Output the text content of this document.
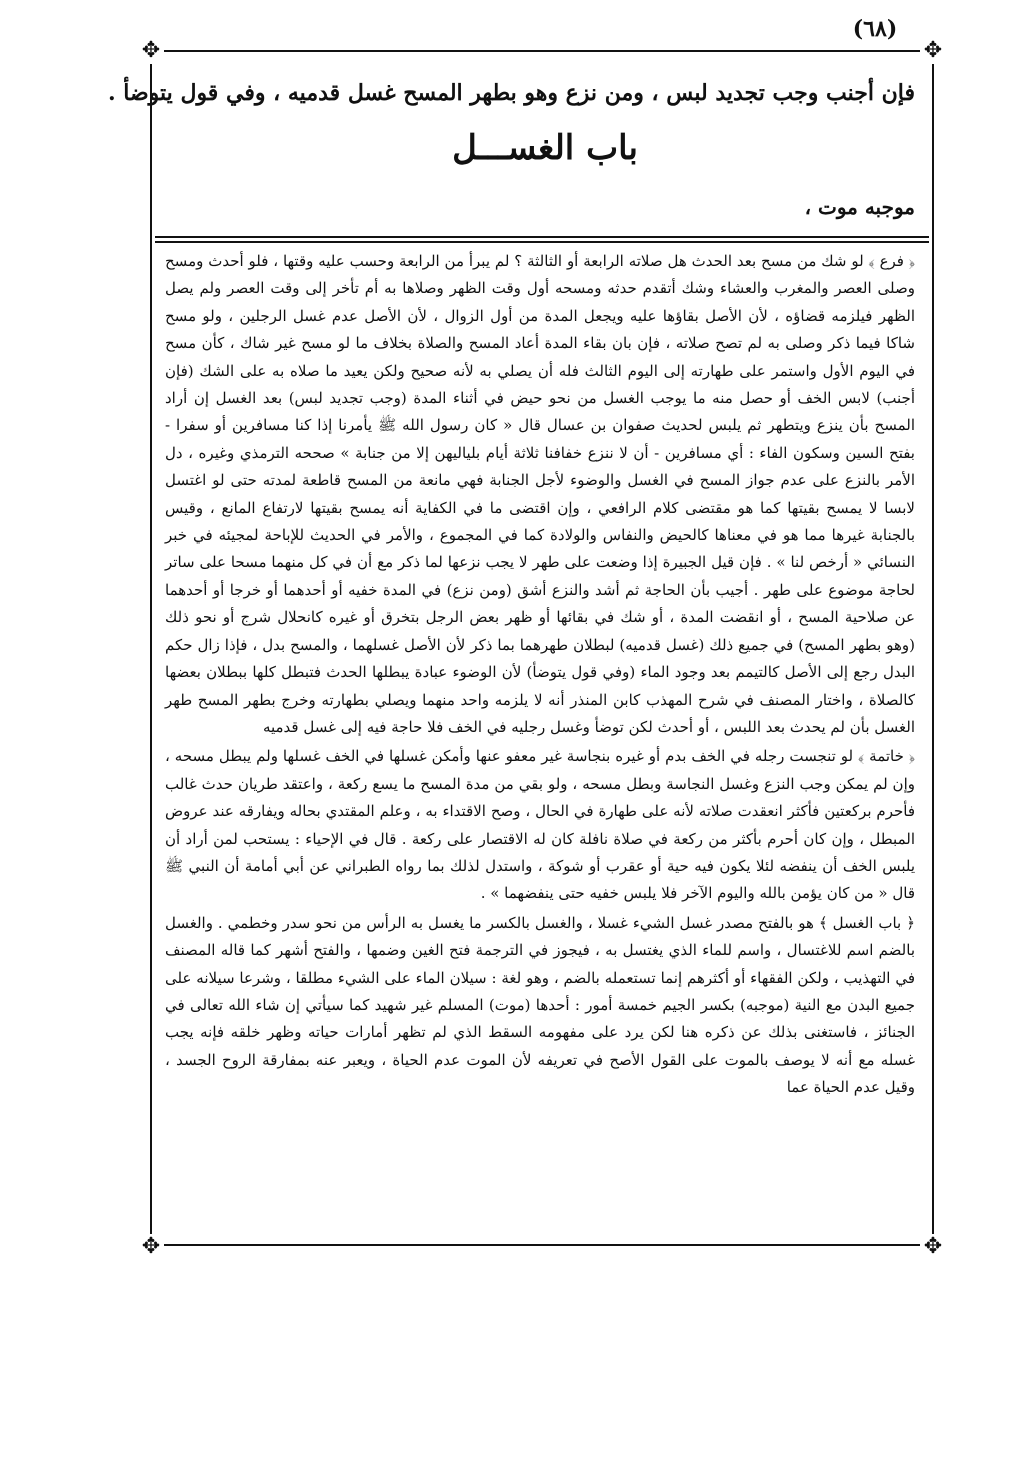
(٦٨)
✥	✥
✥	✥
فإن أجنب وجب تجديد لبس ، ومن نزع وهو بطهر المسح غسل قدميه ، وفي قول يتوضأ .
باب الغســـل
موجبه موت ،

﴿ فرع ﴾ لو شك من مسح بعد الحدث هل صلاته الرابعة أو الثالثة ؟ لم يبرأ من الرابعة وحسب عليه وقتها ، فلو أحدث ومسح وصلى العصر والمغرب والعشاء وشك أتقدم حدثه ومسحه أول وقت الظهر وصلاها به أم تأخر إلى وقت العصر ولم يصل الظهر فيلزمه قضاؤه ، لأن الأصل بقاؤها عليه ويجعل المدة من أول الزوال ، لأن الأصل عدم غسل الرجلين ، ولو مسح شاكا فيما ذكر وصلى به لم تصح صلاته ، فإن بان بقاء المدة أعاد المسح والصلاة بخلاف ما لو مسح غير شاك ، كأن مسح في اليوم الأول واستمر على طهارته إلى اليوم الثالث فله أن يصلي به لأنه صحيح ولكن يعيد ما صلاه به على الشك (فإن أجنب) لابس الخف أو حصل منه ما يوجب الغسل من نحو حيض في أثناء المدة (وجب تجديد لبس) بعد الغسل إن أراد المسح بأن ينزع ويتطهر ثم يلبس لحديث صفوان بن عسال قال « كان رسول الله ﷺ يأمرنا إذا كنا مسافرين أو سفرا - بفتح السين وسكون الفاء : أي مسافرين - أن لا ننزع خفافنا ثلاثة أيام بلياليهن إلا من جنابة » صححه الترمذي وغيره ، دل الأمر بالنزع على عدم جواز المسح في الغسل والوضوء لأجل الجنابة فهي مانعة من المسح قاطعة لمدته حتى لو اغتسل لابسا لا يمسح بقيتها كما هو مقتضى كلام الرافعي ، وإن اقتضى ما في الكفاية أنه يمسح بقيتها لارتفاع المانع ، وقيس بالجنابة غيرها مما هو في معناها كالحيض والنفاس والولادة كما في المجموع ، والأمر في الحديث للإباحة لمجيئه في خبر النسائي « أرخص لنا » . فإن قيل الجبيرة إذا وضعت على طهر لا يجب نزعها لما ذكر مع أن في كل منهما مسحا على ساتر لحاجة موضوع على طهر . أجيب بأن الحاجة ثم أشد والنزع أشق (ومن نزع) في المدة خفيه أو أحدهما أو خرجا أو أحدهما عن صلاحية المسح ، أو انقضت المدة ، أو شك في بقائها أو ظهر بعض الرجل بتخرق أو غيره كانحلال شرج أو نحو ذلك (وهو بطهر المسح) في جميع ذلك (غسل قدميه) لبطلان طهرهما بما ذكر لأن الأصل غسلهما ، والمسح بدل ، فإذا زال حكم البدل رجع إلى الأصل كالتيمم بعد وجود الماء (وفي قول يتوضأ) لأن الوضوء عبادة يبطلها الحدث فتبطل كلها ببطلان بعضها كالصلاة ، واختار المصنف في شرح المهذب كابن المنذر أنه لا يلزمه واحد منهما ويصلي بطهارته وخرج بطهر المسح طهر الغسل بأن لم يحدث بعد اللبس ، أو أحدث لكن توضأ وغسل رجليه في الخف فلا حاجة فيه إلى غسل قدميه

﴿ خاتمة ﴾ لو تنجست رجله في الخف بدم أو غيره بنجاسة غير معفو عنها وأمكن غسلها في الخف غسلها ولم يبطل مسحه ، وإن لم يمكن وجب النزع وغسل النجاسة وبطل مسحه ، ولو بقي من مدة المسح ما يسع ركعة ، واعتقد طريان حدث غالب فأحرم بركعتين فأكثر انعقدت صلاته لأنه على طهارة في الحال ، وصح الاقتداء به ، وعلم المقتدي بحاله ويفارقه عند عروض المبطل ، وإن كان أحرم بأكثر من ركعة في صلاة نافلة كان له الاقتصار على ركعة . قال في الإحياء : يستحب لمن أراد أن يلبس الخف أن ينفضه لئلا يكون فيه حية أو عقرب أو شوكة ، واستدل لذلك بما رواه الطبراني عن أبي أمامة أن النبي ﷺ قال « من كان يؤمن بالله واليوم الآخر فلا يلبس خفيه حتى ينفضهما » .

﴿ باب الغسل ﴾ هو بالفتح مصدر غسل الشيء غسلا ، والغسل بالكسر ما يغسل به الرأس من نحو سدر وخطمي . والغسل بالضم اسم للاغتسال ، واسم للماء الذي يغتسل به ، فيجوز في الترجمة فتح الغين وضمها ، والفتح أشهر كما قاله المصنف في التهذيب ، ولكن الفقهاء أو أكثرهم إنما تستعمله بالضم ، وهو لغة : سيلان الماء على الشيء مطلقا ، وشرعا سيلانه على جميع البدن مع النية (موجبه) بكسر الجيم خمسة أمور : أحدها (موت) المسلم غير شهيد كما سيأتي إن شاء الله تعالى في الجنائز ، فاستغنى بذلك عن ذكره هنا لكن يرد على مفهومه السقط الذي لم تظهر أمارات حياته وظهر خلقه فإنه يجب غسله مع أنه لا يوصف بالموت على القول الأصح في تعريفه لأن الموت عدم الحياة ، ويعبر عنه بمفارقة الروح الجسد ، وقيل عدم الحياة عما
